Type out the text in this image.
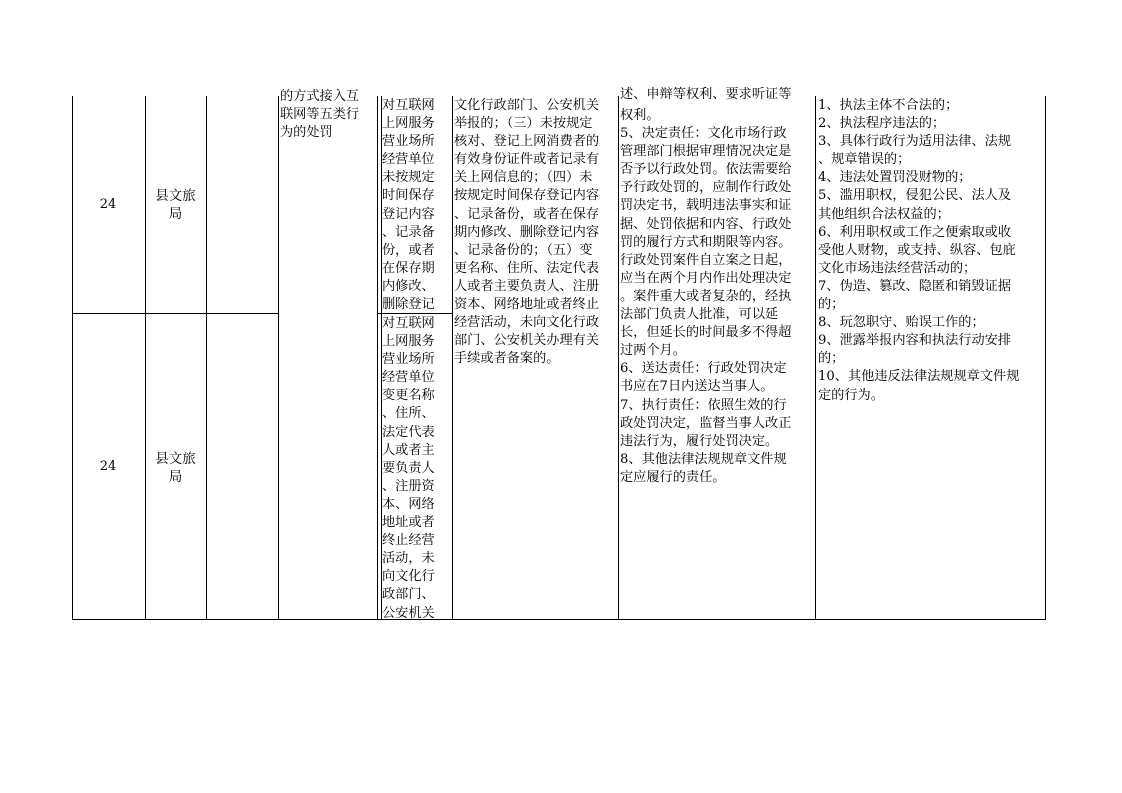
24
县文旅
局
24	县文旅
局
的方式接入互
联网等五类行
为的处罚
对互联网
上网服务
营业场所
经营单位
未按规定
时间保存
登记内容
、记录备
份，或者
在保存期
内修改、
删除登记
对互联网
上网服务
营业场所
经营单位
变更名称
、住所、
法定代表
人或者主
要负责人
、注册资
本、网络
地址或者
终止经营
活动，未
向文化行
政部门、
公安机关
文化行政部门、公安机关
举报的；（三）未按规定
核对、登记上网消费者的
有效身份证件或者记录有
关上网信息的；（四）未
按规定时间保存登记内容
、记录备份，或者在保存
期内修改、删除登记内容
、记录备份的；（五）变
更名称、住所、法定代表
人或者主要负责人、注册
资本、网络地址或者终止
经营活动，未向文化行政
部门、公安机关办理有关
手续或者备案的。
述、申辩等权利、要求听证等
权利。
5、决定责任：文化市场行政
管理部门根据审理情况决定是
否予以行政处罚。依法需要给
予行政处罚的，应制作行政处
罚决定书，载明违法事实和证
据、处罚依据和内容、行政处
罚的履行方式和期限等内容。
行政处罚案件自立案之日起，
应当在两个月内作出处理决定
。案件重大或者复杂的，经执
法部门负责人批准，可以延
长，但延长的时间最多不得超
过两个月。
6、送达责任：行政处罚决定
书应在7日内送达当事人。
7、执行责任：依照生效的行
政处罚决定，监督当事人改正
违法行为，履行处罚决定。
8、其他法律法规规章文件规
定应履行的责任。
1、执法主体不合法的；
2、执法程序违法的；
3、具体行政行为适用法律、法规
、规章错误的；
4、违法处置罚没财物的；
5、滥用职权，侵犯公民、法人及
其他组织合法权益的；
6、利用职权或工作之便索取或收
受他人财物，或支持、纵容、包庇
文化市场违法经营活动的；
7、伪造、篡改、隐匿和销毁证据
的；
8、玩忽职守、贻误工作的；
9、泄露举报内容和执法行动安排
的；
10、其他违反法律法规规章文件规
定的行为。
